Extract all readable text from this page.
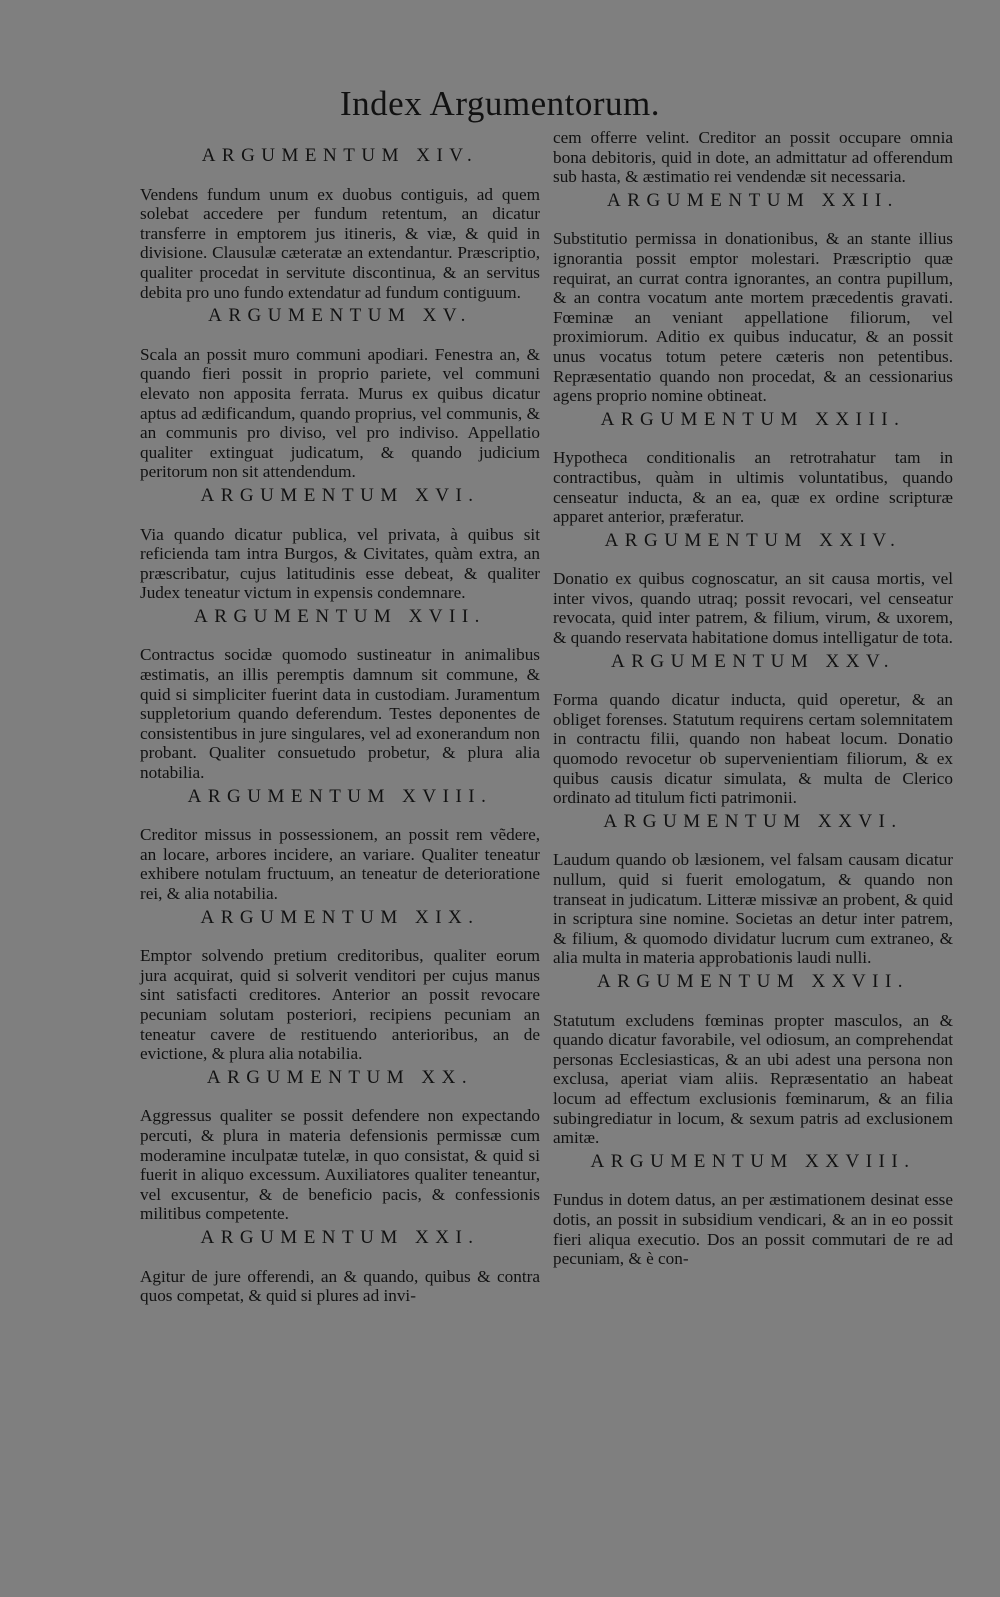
Index Argumentorum.
ARGUMENTUM XIV.
Vendens fundum unum ex duobus contiguis, ad quem solebat accedere per fundum retentum, an dicatur transferre in emptorem jus itineris, & viæ, & quid in divisione. Clausulæ cæteratæ an extendantur. Præscriptio, qualiter procedat in servitute discontinua, & an servitus debita pro uno fundo extendatur ad fundum contiguum.
ARGUMENTUM XV.
Scala an possit muro communi apodiari. Fenestra an, & quando fieri possit in proprio pariete, vel communi elevato non apposita ferrata. Murus ex quibus dicatur aptus ad ædificandum, quando proprius, vel communis, & an communis pro diviso, vel pro indiviso. Appellatio qualiter extinguat judicatum, & quando judicium peritorum non sit attendendum.
ARGUMENTUM XVI.
Via quando dicatur publica, vel privata, à quibus sit reficienda tam intra Burgos, & Civitates, quàm extra, an præscribatur, cujus latitudinis esse debeat, & qualiter Judex teneatur victum in expensis condemnare.
ARGUMENTUM XVII.
Contractus socidæ quomodo sustineatur in animalibus æstimatis, an illis peremptis damnum sit commune, & quid si simpliciter fuerint data in custodiam. Juramentum suppletorium quando deferendum. Testes deponentes de consistentibus in jure singulares, vel ad exonerandum non probant. Qualiter consuetudo probetur, & plura alia notabilia.
ARGUMENTUM XVIII.
Creditor missus in possessionem, an possit rem vẽdere, an locare, arbores incidere, an variare. Qualiter teneatur exhibere notulam fructuum, an teneatur de deterioratione rei, & alia notabilia.
ARGUMENTUM XIX.
Emptor solvendo pretium creditoribus, qualiter eorum jura acquirat, quid si solverit venditori per cujus manus sint satisfacti creditores. Anterior an possit revocare pecuniam solutam posteriori, recipiens pecuniam an teneatur cavere de restituendo anterioribus, an de evictione, & plura alia notabilia.
ARGUMENTUM XX.
Aggressus qualiter se possit defendere non expectando percuti, & plura in materia defensionis permissæ cum moderamine inculpatæ tutelæ, in quo consistat, & quid si fuerit in aliquo excessum. Auxiliatores qualiter teneantur, vel excusentur, & de beneficio pacis, & confessionis militibus competente.
ARGUMENTUM XXI.
Agitur de jure offerendi, an & quando, quibus & contra quos competat, & quid si plures ad invi-
cem offerre velint. Creditor an possit occupare omnia bona debitoris, quid in dote, an admittatur ad offerendum sub hasta, & æstimatio rei vendendæ sit necessaria.
ARGUMENTUM XXII.
Substitutio permissa in donationibus, & an stante illius ignorantia possit emptor molestari. Præscriptio quæ requirat, an currat contra ignorantes, an contra pupillum, & an contra vocatum ante mortem præcedentis gravati. Fœminæ an veniant appellatione filiorum, vel proximiorum. Aditio ex quibus inducatur, & an possit unus vocatus totum petere cæteris non petentibus. Repræsentatio quando non procedat, & an cessionarius agens proprio nomine obtineat.
ARGUMENTUM XXIII.
Hypotheca conditionalis an retrotrahatur tam in contractibus, quàm in ultimis voluntatibus, quando censeatur inducta, & an ea, quæ ex ordine scripturæ apparet anterior, præferatur.
ARGUMENTUM XXIV.
Donatio ex quibus cognoscatur, an sit causa mortis, vel inter vivos, quando utraq; possit revocari, vel censeatur revocata, quid inter patrem, & filium, virum, & uxorem, & quando reservata habitatione domus intelligatur de tota.
ARGUMENTUM XXV.
Forma quando dicatur inducta, quid operetur, & an obliget forenses. Statutum requirens certam solemnitatem in contractu filii, quando non habeat locum. Donatio quomodo revocetur ob supervenientiam filiorum, & ex quibus causis dicatur simulata, & multa de Clerico ordinato ad titulum ficti patrimonii.
ARGUMENTUM XXVI.
Laudum quando ob læsionem, vel falsam causam dicatur nullum, quid si fuerit emologatum, & quando non transeat in judicatum. Litteræ missivæ an probent, & quid in scriptura sine nomine. Societas an detur inter patrem, & filium, & quomodo dividatur lucrum cum extraneo, & alia multa in materia approbationis laudi nulli.
ARGUMENTUM XXVII.
Statutum excludens fœminas propter masculos, an & quando dicatur favorabile, vel odiosum, an comprehendat personas Ecclesiasticas, & an ubi adest una persona non exclusa, aperiat viam aliis. Repræsentatio an habeat locum ad effectum exclusionis fœminarum, & an filia subingrediatur in locum, & sexum patris ad exclusionem amitæ.
ARGUMENTUM XXVIII.
Fundus in dotem datus, an per æstimationem desinat esse dotis, an possit in subsidium vendicari, & an in eo possit fieri aliqua executio. Dos an possit commutari de re ad pecuniam, & è con-
